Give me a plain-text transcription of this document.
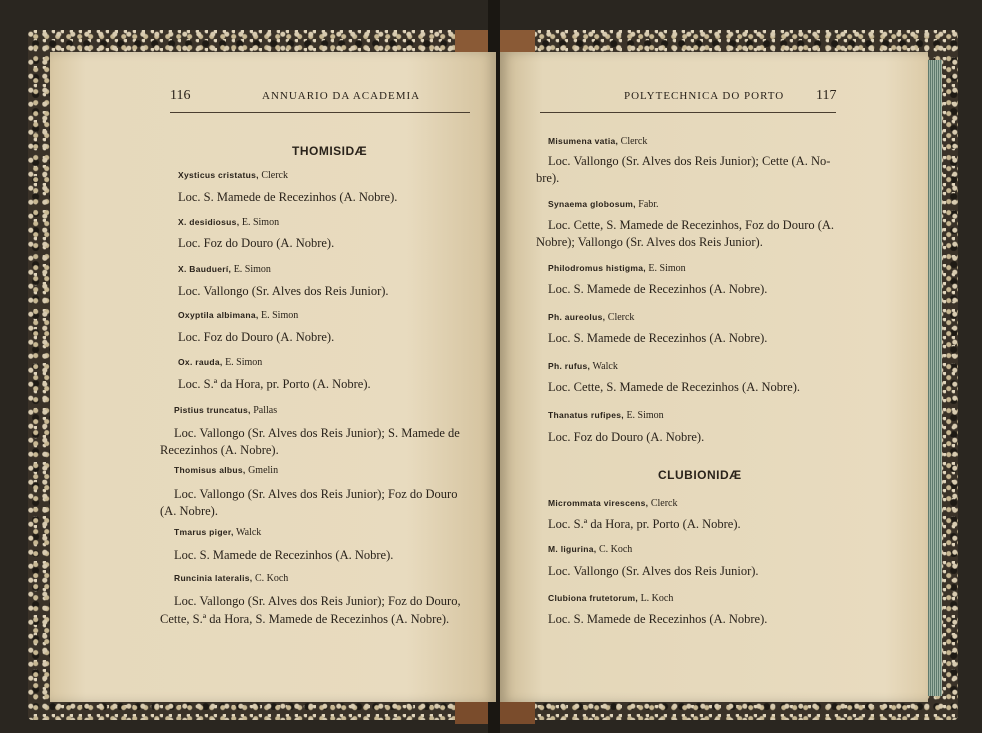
116	ANNUARIO DA ACADEMIA
THOMISIDÆ
Xysticus cristatus, Clerck
Loc. S. Mamede de Recezinhos (A. Nobre).
X. desidiosus, E. Simon
Loc. Foz do Douro (A. Nobre).
X. Bauduerí, E. Simon
Loc. Vallongo (Sr. Alves dos Reis Junior).
Oxyptila albimana, E. Simon
Loc. Foz do Douro (A. Nobre).
Ox. rauda, E. Simon
Loc. S.ª da Hora, pr. Porto (A. Nobre).
Pistius truncatus, Pallas
Loc. Vallongo (Sr. Alves dos Reis Junior); S. Mamede de
Recezinhos (A. Nobre).
Thomisus albus, Gmelin
Loc. Vallongo (Sr. Alves dos Reis Junior); Foz do Douro
(A. Nobre).
Tmarus piger, Walck
Loc. S. Mamede de Recezinhos (A. Nobre).
Runcinia lateralis, C. Koch
Loc. Vallongo (Sr. Alves dos Reis Junior); Foz do Douro,
Cette, S.ª da Hora, S. Mamede de Recezinhos (A. Nobre).
POLYTECHNICA DO PORTO 117
Misumena vatia, Clerck
Loc. Vallongo (Sr. Alves dos Reis Junior); Cette (A. No-
bre).
Synaema globosum, Fabr.
Loc. Cette, S. Mamede de Recezinhos, Foz do Douro (A.
Nobre); Vallongo (Sr. Alves dos Reis Junior).
Philodromus histigma, E. Simon
Loc. S. Mamede de Recezinhos (A. Nobre).
Ph. aureolus, Clerck
Loc. S. Mamede de Recezinhos (A. Nobre).
Ph. rufus, Walck
Loc. Cette, S. Mamede de Recezinhos (A. Nobre).
Thanatus rufipes, E. Simon
Loc. Foz do Douro (A. Nobre).
CLUBIONIDÆ
Micrommata virescens, Clerck
Loc. S.ª da Hora, pr. Porto (A. Nobre).
M. ligurina, C. Koch
Loc. Vallongo (Sr. Alves dos Reis Junior).
Clubiona frutetorum, L. Koch
Loc. S. Mamede de Recezinhos (A. Nobre).
